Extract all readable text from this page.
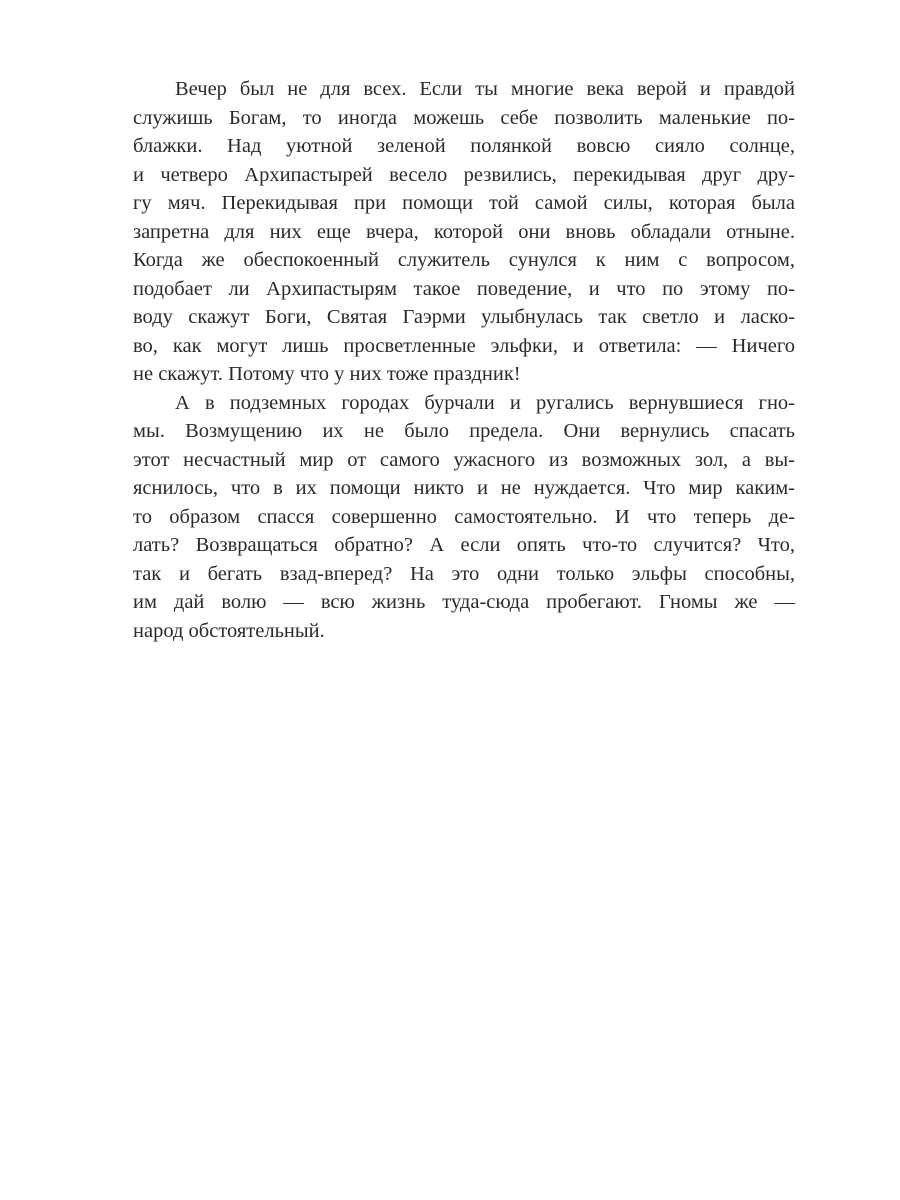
Вечер был не для всех. Если ты многие века верой и правдой
служишь Богам, то иногда можешь себе позволить маленькие по-
блажки. Над уютной зеленой полянкой вовсю сияло солнце,
и четверо Архипастырей весело резвились, перекидывая друг дру-
гу мяч. Перекидывая при помощи той самой силы, которая была
запретна для них еще вчера, которой они вновь обладали отныне.
Когда же обеспокоенный служитель сунулся к ним с вопросом,
подобает ли Архипастырям такое поведение, и что по этому по-
воду скажут Боги, Святая Гаэрми улыбнулась так светло и ласко-
во, как могут лишь просветленные эльфки, и ответила: — Ничего
не скажут. Потому что у них тоже праздник!
А в подземных городах бурчали и ругались вернувшиеся гно-
мы. Возмущению их не было предела. Они вернулись спасать
этот несчастный мир от самого ужасного из возможных зол, а вы-
яснилось, что в их помощи никто и не нуждается. Что мир каким-
то образом спасся совершенно самостоятельно. И что теперь де-
лать? Возвращаться обратно? А если опять что-то случится? Что,
так и бегать взад-вперед? На это одни только эльфы способны,
им дай волю — всю жизнь туда-сюда пробегают. Гномы же —
народ обстоятельный.
